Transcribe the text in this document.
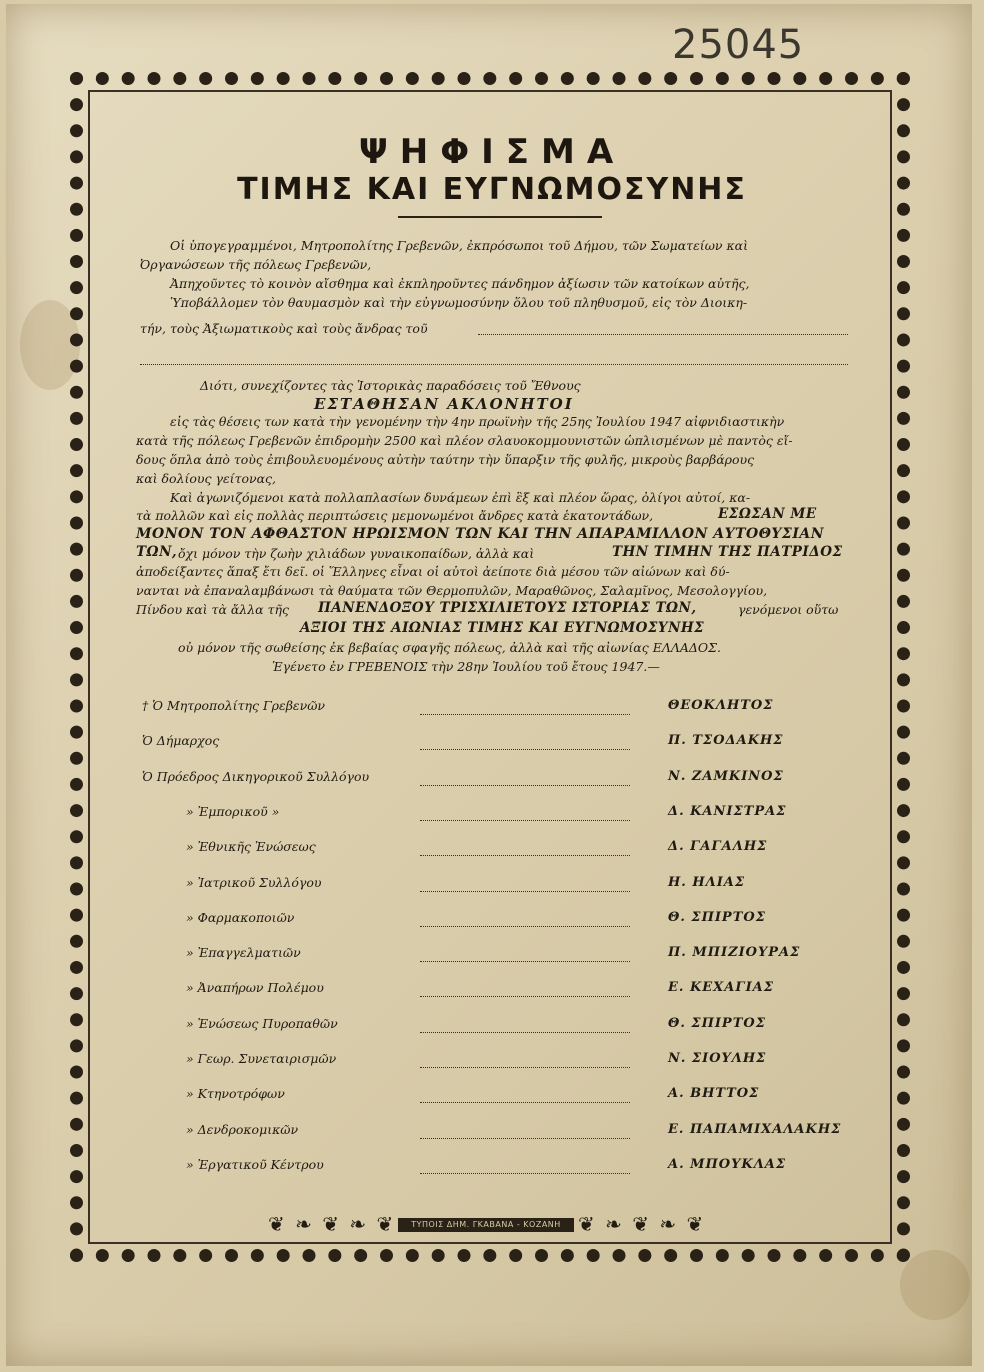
25045
ΨΗΦΙΣΜΑ
ΤΙΜΗΣ ΚΑΙ ΕΥΓΝΩΜΟΣΥΝΗΣ
Οἱ ὑπογεγραμμένοι, Μητροπολίτης Γρεβενῶν, ἐκπρόσωποι τοῦ Δήμου, τῶν Σωματείων καὶ
Ὀργανώσεων τῆς πόλεως Γρεβενῶν,
Ἀπηχοῦντες τὸ κοινὸν αἴσθημα καὶ ἐκπληροῦντες πάνδημον ἀξίωσιν τῶν κατοίκων αὐτῆς,
Ὑποβάλλομεν τὸν θαυμασμὸν καὶ τὴν εὐγνωμοσύνην ὅλου τοῦ πληθυσμοῦ, εἰς τὸν Διοικη-
τήν, τοὺς Ἀξιωματικοὺς καὶ τοὺς ἄνδρας τοῦ
Διότι, συνεχίζοντες τὰς Ἱστορικὰς παραδόσεις τοῦ Ἔθνους
ΕΣΤΑΘΗΣΑΝ ΑΚΛΟΝΗΤΟΙ
εἰς τὰς θέσεις των κατὰ τὴν γενομένην τὴν 4ην πρωϊνὴν τῆς 25ης Ἰουλίου 1947 αἰφνιδιαστικὴν
κατὰ τῆς πόλεως Γρεβενῶν ἐπιδρομὴν 2500 καὶ πλέον σλαυοκομμουνιστῶν ὡπλισμένων μὲ παντὸς εἴ-
δους ὅπλα ἀπὸ τοὺς ἐπιβουλευομένους αὐτὴν ταύτην τὴν ὕπαρξιν τῆς φυλῆς, μικροὺς βαρβάρους
καὶ δολίους γείτονας,
Καὶ ἀγωνιζόμενοι κατὰ πολλαπλασίων δυνάμεων ἐπὶ ἓξ καὶ πλέον ὥρας, ὀλίγοι αὐτοί, κα-
τὰ πολλῶν καὶ εἰς πολλὰς περιπτώσεις μεμονωμένοι ἄνδρες κατὰ ἑκατοντάδων,	ΕΣΩΣΑΝ ΜΕ
ΜΟΝΟΝ ΤΟΝ ΑΦΘΑΣΤΟΝ ΗΡΩΙΣΜΟΝ ΤΩΝ ΚΑΙ ΤΗΝ ΑΠΑΡΑΜΙΛΛΟΝ ΑΥΤΟΘΥΣΙΑΝ
ΤΩΝ, ὄχι μόνον τὴν ζωὴν χιλιάδων γυναικοπαίδων, ἀλλὰ καὶ	ΤΗΝ ΤΙΜΗΝ ΤΗΣ ΠΑΤΡΙΔΟΣ
ἀποδείξαντες ἅπαξ ἔτι δεῖ. οἱ Ἕλληνες εἶναι οἱ αὐτοὶ ἀείποτε διὰ μέσου τῶν αἰώνων καὶ δύ-
νανται νὰ ἐπαναλαμβάνωσι τὰ θαύματα τῶν Θερμοπυλῶν, Μαραθῶνος, Σαλαμῖνος, Μεσολογγίου,
Πίνδου καὶ τὰ ἄλλα τῆς ΠΑΝΕΝΔΟΞΟΥ ΤΡΙΣΧΙΛΙΕΤΟΥΣ ΙΣΤΟΡΙΑΣ ΤΩΝ,	γενόμενοι οὕτω
ΑΞΙΟΙ ΤΗΣ ΑΙΩΝΙΑΣ ΤΙΜΗΣ ΚΑΙ ΕΥΓΝΩΜΟΣΥΝΗΣ
οὐ μόνον τῆς σωθείσης ἐκ βεβαίας σφαγῆς πόλεως, ἀλλὰ καὶ τῆς αἰωνίας ΕΛΛΑΔΟΣ.
Ἐγένετο ἐν ΓΡΕΒΕΝΟΙΣ τὴν 28ην Ἰουλίου τοῦ ἔτους 1947.—
† Ὁ Μητροπολίτης Γρεβενῶν	ΘΕΟΚΛΗΤΟΣ
Ὁ Δήμαρχος	Π. ΤΣΟΔΑΚΗΣ
Ὁ Πρόεδρος Δικηγορικοῦ Συλλόγου	Ν. ΖΑΜΚΙΝΟΣ
» Ἐμπορικοῦ »	Δ. ΚΑΝΙΣΤΡΑΣ
» Ἐθνικῆς Ἑνώσεως	Δ. ΓΑΓΑΛΗΣ
» Ἰατρικοῦ Συλλόγου	Η. ΗΛΙΑΣ
» Φαρμακοποιῶν	Θ. ΣΠΙΡΤΟΣ
» Ἐπαγγελματιῶν	Π. ΜΠΙΖΙΟΥΡΑΣ
» Ἀναπήρων Πολέμου	Ε. ΚΕΧΑΓΙΑΣ
» Ἑνώσεως Πυροπαθῶν	Θ. ΣΠΙΡΤΟΣ
» Γεωρ. Συνεταιρισμῶν	Ν. ΣΙΟΥΛΗΣ
» Κτηνοτρόφων	Α. ΒΗΤΤΟΣ
» Δενδροκομικῶν	Ε. ΠΑΠΑΜΙΧΑΛΑΚΗΣ
» Ἐργατικοῦ Κέντρου	Α. ΜΠΟΥΚΛΑΣ
❦ ❧ ❦ ❧ ❦	ΤΥΠΟΙΣ ΔΗΜ. ΓΚΑΒΑΝΑ - ΚΟΖΑΝΗ ❦ ❧ ❦ ❧ ❦
